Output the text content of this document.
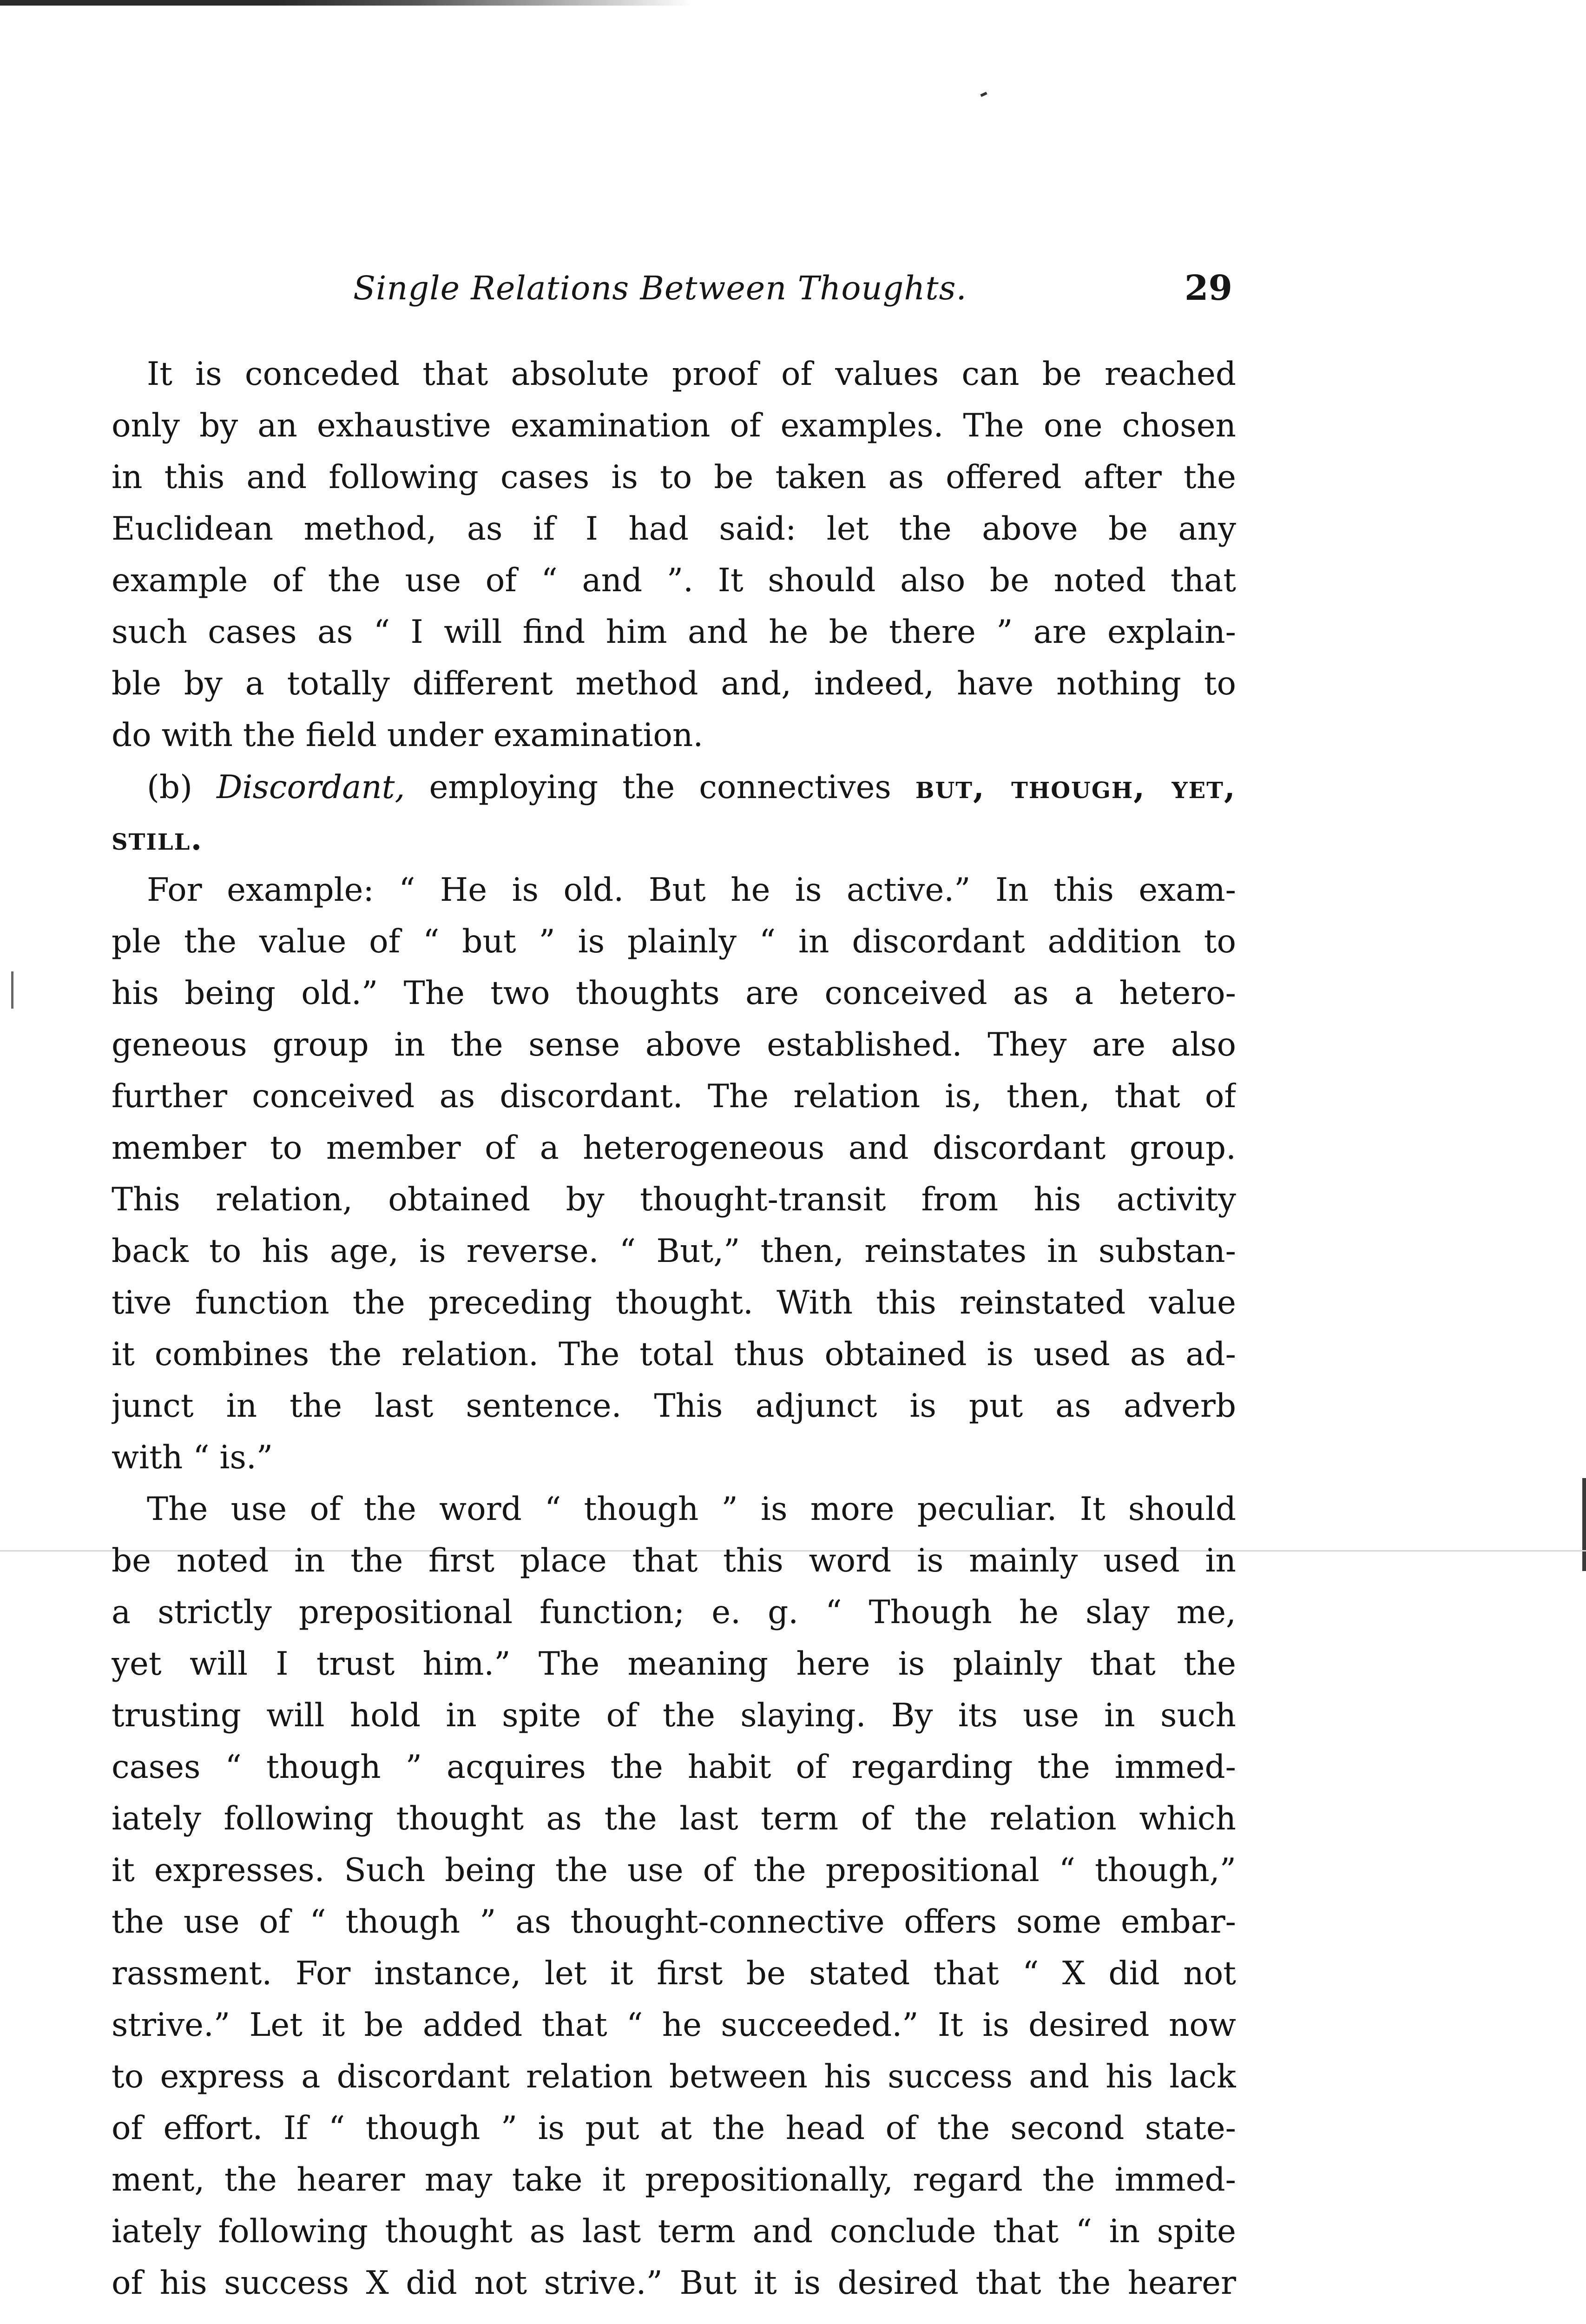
Single Relations Between Thoughts.	29
It is conceded that absolute proof of values can be reached
only by an exhaustive examination of examples. The one chosen
in this and following cases is to be taken as offered after the
Euclidean method, as if I had said: let the above be any
example of the use of “ and ”. It should also be noted that
such cases as “ I will find him and he be there ” are explain-
ble by a totally different method and, indeed, have nothing to
do with the field under examination.
(b) Discordant, employing the connectives but, though, yet,
still.
For example: “ He is old. But he is active.” In this exam-
ple the value of “ but ” is plainly “ in discordant addition to
his being old.” The two thoughts are conceived as a hetero-
geneous group in the sense above established. They are also
further conceived as discordant. The relation is, then, that of
member to member of a heterogeneous and discordant group.
This relation, obtained by thought-transit from his activity
back to his age, is reverse. “ But,” then, reinstates in substan-
tive function the preceding thought. With this reinstated value
it combines the relation. The total thus obtained is used as ad-
junct in the last sentence. This adjunct is put as adverb
with “ is.”
The use of the word “ though ” is more peculiar. It should
be noted in the first place that this word is mainly used in
a strictly prepositional function; e. g. “ Though he slay me,
yet will I trust him.” The meaning here is plainly that the
trusting will hold in spite of the slaying. By its use in such
cases “ though ” acquires the habit of regarding the immed-
iately following thought as the last term of the relation which
it expresses. Such being the use of the prepositional “ though,”
the use of “ though ” as thought-connective offers some embar-
rassment. For instance, let it first be stated that “ X did not
strive.” Let it be added that “ he succeeded.” It is desired now
to express a discordant relation between his success and his lack
of effort. If “ though ” is put at the head of the second state-
ment, the hearer may take it prepositionally, regard the immed-
iately following thought as last term and conclude that “ in spite
of his success X did not strive.” But it is desired that the hearer
